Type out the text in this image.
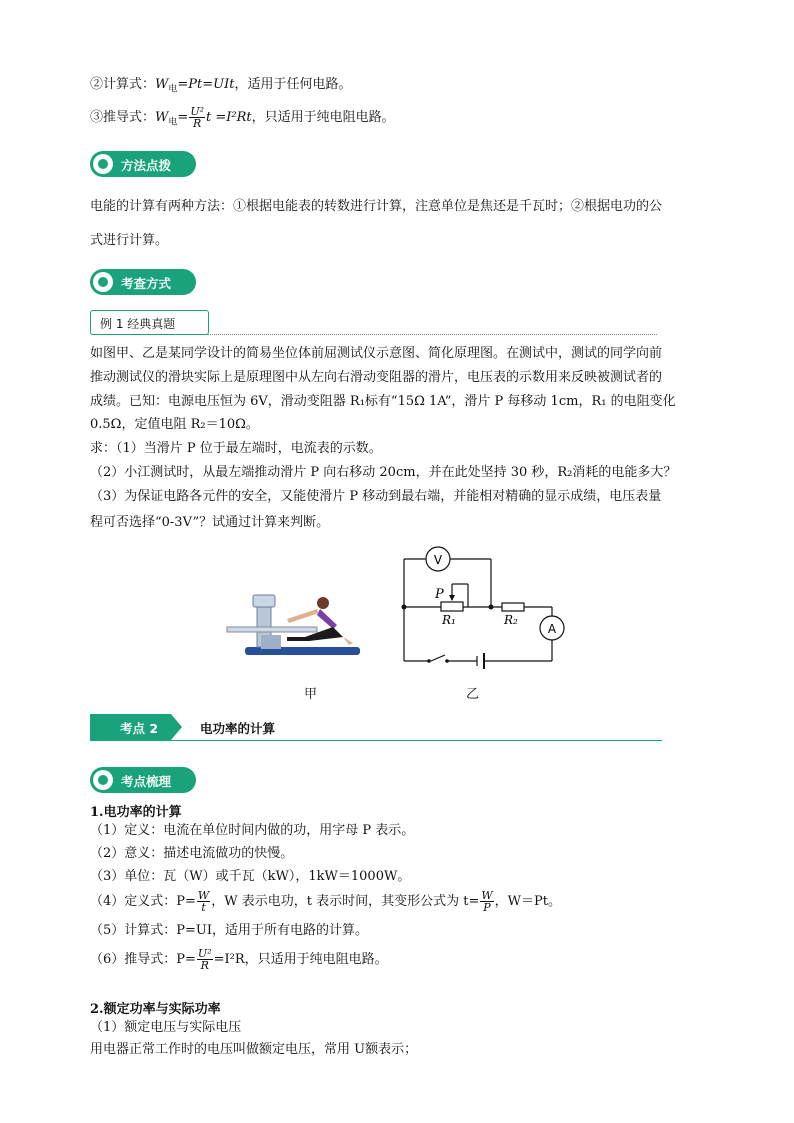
②计算式：$W_电=Pt=UIt$，适用于任何电路。
③推导式：$W_电= \frac{\text{U²}}{R}$ t =I²Rt，只适用于纯电阻电路。
方法点拨
电能的计算有两种方法：①根据电能表的转数进行计算，注意单位是焦还是千瓦时；②根据电功的公
式进行计算。
考查方式
例 1 经典真题
如图甲、乙是某同学设计的简易坐位体前屈测试仪示意图、简化原理图。在测试中，测试的同学向前
推动测试仪的滑块实际上是原理图中从左向右滑动变阻器的滑片，电压表的示数用来反映被测试者的
成绩。已知：电源电压恒为 6V，滑动变阻器 R₁标有“15Ω 1A”，滑片 P 每移动 1cm，R₁ 的电阻变化
0.5Ω，定值电阻 R₂＝10Ω。
求：（1）当滑片 P 位于最左端时，电流表的示数。
（2）小江测试时，从最左端推动滑片 P 向右移动 20cm，并在此处坚持 30 秒，R₂消耗的电能多大？
（3）为保证电路各元件的安全，又能使滑片 P 移动到最右端，并能相对精确的显示成绩，电压表量
程可否选择“0-3V”？试通过计算来判断。
甲
V
A
P
R₁	R₂
乙
考点 2	电功率的计算
考点梳理
1.电功率的计算
（1）定义：电流在单位时间内做的功，用字母 P 表示。
（2）意义：描述电流做功的快慢。
（3）单位：瓦（W）或千瓦（kW），1kW＝1000W。
（4）定义式：$P= \frac{W}{t}$ ，W 表示电功，t 表示时间，其变形公式为 $t= \frac{W}{P}$ ，W＝Pt。
（5）计算式：P=UI，适用于所有电路的计算。
（6）推导式：$P= \frac{\text{U²}}{R} =I^2R$，只适用于纯电阻电路。
2.额定功率与实际功率
（1）额定电压与实际电压
用电器正常工作时的电压叫做额定电压，常用 U额表示；
